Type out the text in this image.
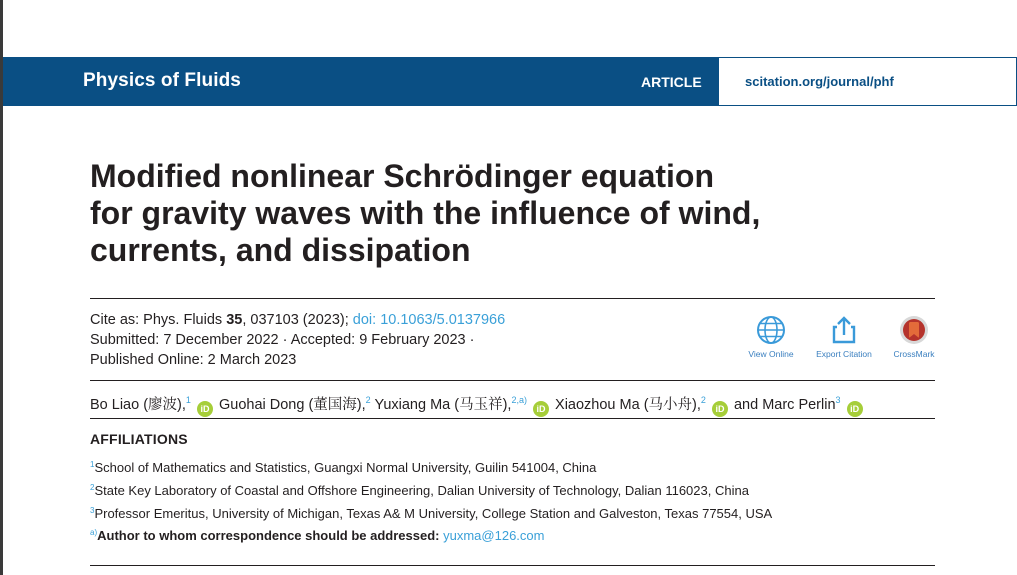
Physics of Fluids	ARTICLE	scitation.org/journal/phf
Modified nonlinear Schrödinger equation
for gravity waves with the influence of wind,
currents, and dissipation
Cite as: Phys. Fluids 35, 037103 (2023); doi: 10.1063/5.0137966
Submitted: 7 December 2022 · Accepted: 9 February 2023 ·
Published Online: 2 March 2023	View Online	Export Citation	CrossMark
Bo Liao (廖波),$^1$ iD Guohai Dong (董国海),$^2$ Yuxiang Ma (马玉祥),$^{2,a)}$ iD Xiaozhou Ma (马小舟),$^2$ iD and Marc Perlin$^3$ iD
AFFILIATIONS
$^1$School of Mathematics and Statistics, Guangxi Normal University, Guilin 541004, China
$^2$State Key Laboratory of Coastal and Offshore Engineering, Dalian University of Technology, Dalian 116023, China
$^3$Professor Emeritus, University of Michigan, Texas A& M University, College Station and Galveston, Texas 77554, USA
$^{a)}$Author to whom correspondence should be addressed: yuxma@126.com
